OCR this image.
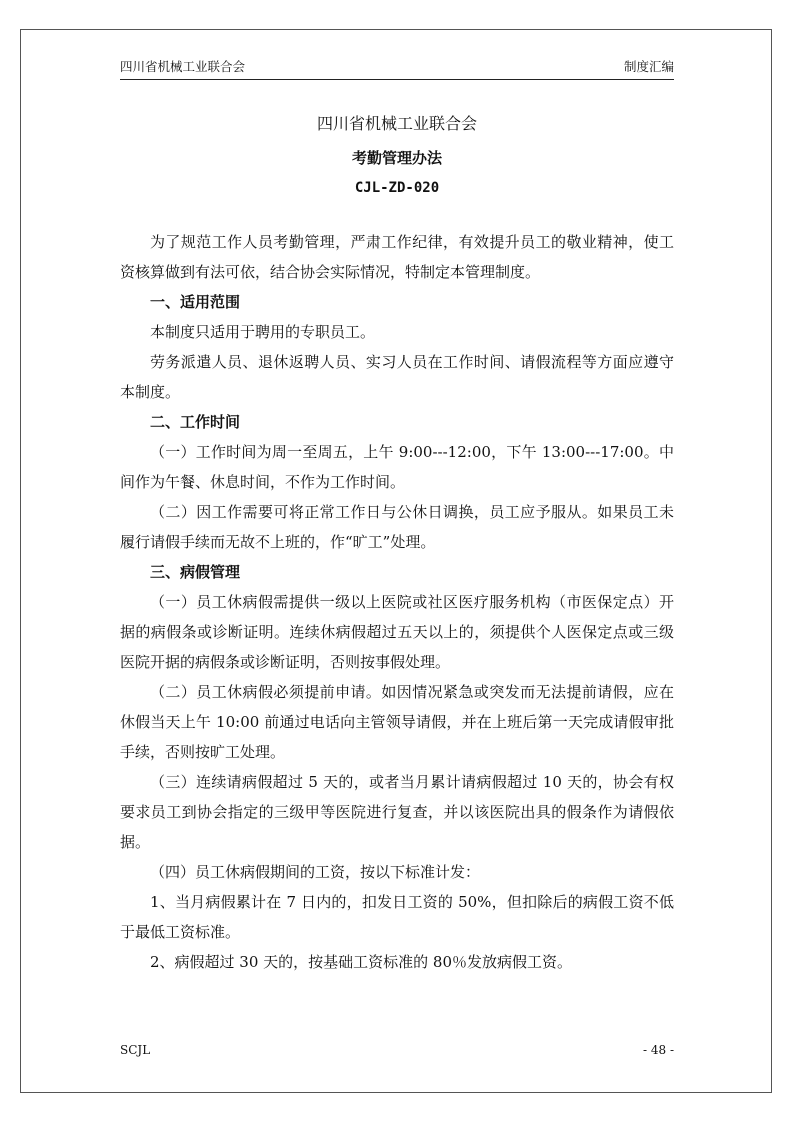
四川省机械工业联合会	制度汇编
四川省机械工业联合会
考勤管理办法
CJL-ZD-020

为了规范工作人员考勤管理，严肃工作纪律，有效提升员工的敬业精神，使工资核算做到有法可依，结合协会实际情况，特制定本管理制度。

一、适用范围

本制度只适用于聘用的专职员工。

劳务派遣人员、退休返聘人员、实习人员在工作时间、请假流程等方面应遵守本制度。

二、工作时间

（一）工作时间为周一至周五，上午 9:00---12:00，下午 13:00---17:00。中间作为午餐、休息时间，不作为工作时间。

（二）因工作需要可将正常工作日与公休日调换，员工应予服从。如果员工未履行请假手续而无故不上班的，作“旷工”处理。

三、病假管理

（一）员工休病假需提供一级以上医院或社区医疗服务机构（市医保定点）开据的病假条或诊断证明。连续休病假超过五天以上的，须提供个人医保定点或三级医院开据的病假条或诊断证明，否则按事假处理。

（二）员工休病假必须提前申请。如因情况紧急或突发而无法提前请假，应在休假当天上午 10:00 前通过电话向主管领导请假，并在上班后第一天完成请假审批手续，否则按旷工处理。

（三）连续请病假超过 5 天的，或者当月累计请病假超过 10 天的，协会有权要求员工到协会指定的三级甲等医院进行复查，并以该医院出具的假条作为请假依据。

（四）员工休病假期间的工资，按以下标准计发：

1、当月病假累计在 7 日内的，扣发日工资的 50%，但扣除后的病假工资不低于最低工资标准。

2、病假超过 30 天的，按基础工资标准的 80％发放病假工资。

SCJL	- 48 -
